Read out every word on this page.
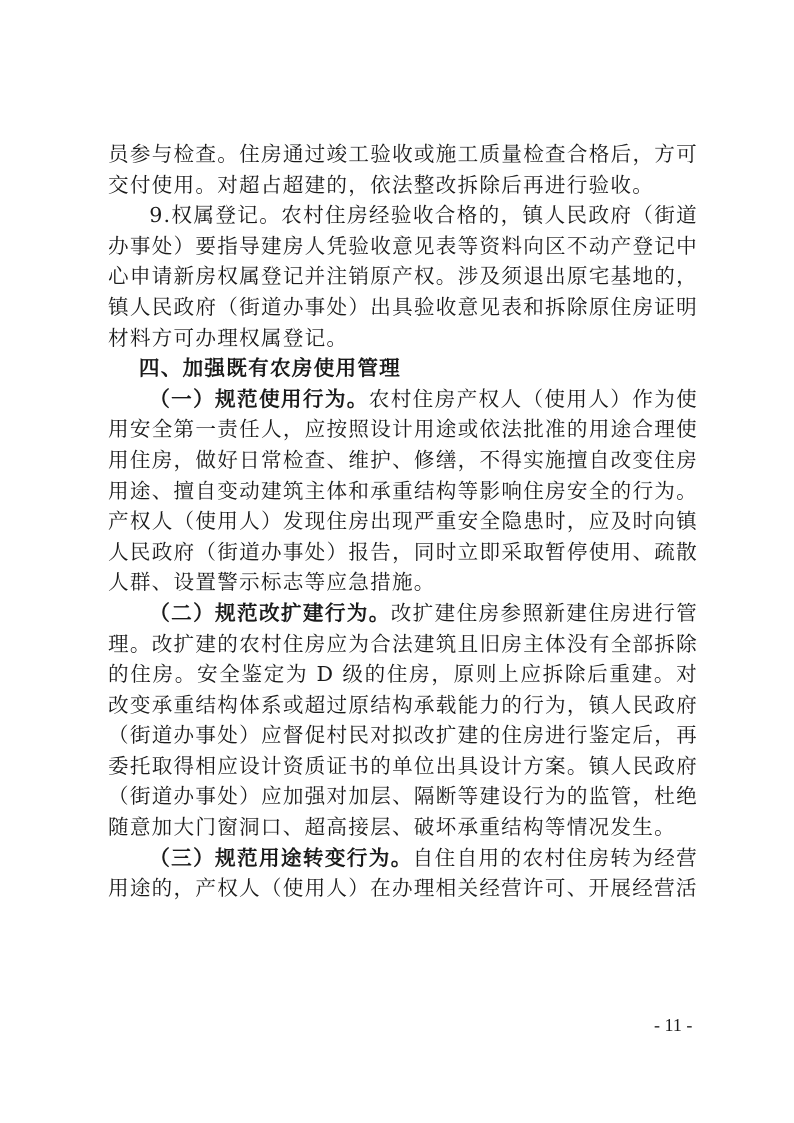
员参与检查。住房通过竣工验收或施工质量检查合格后，方可交付使用。对超占超建的，依法整改拆除后再进行验收。

9.权属登记。农村住房经验收合格的，镇人民政府（街道办事处）要指导建房人凭验收意见表等资料向区不动产登记中心申请新房权属登记并注销原产权。涉及须退出原宅基地的，镇人民政府（街道办事处）出具验收意见表和拆除原住房证明材料方可办理权属登记。

四、加强既有农房使用管理

（一）规范使用行为。农村住房产权人（使用人）作为使用安全第一责任人，应按照设计用途或依法批准的用途合理使用住房，做好日常检查、维护、修缮，不得实施擅自改变住房用途、擅自变动建筑主体和承重结构等影响住房安全的行为。产权人（使用人）发现住房出现严重安全隐患时，应及时向镇人民政府（街道办事处）报告，同时立即采取暂停使用、疏散人群、设置警示标志等应急措施。

（二）规范改扩建行为。改扩建住房参照新建住房进行管理。改扩建的农村住房应为合法建筑且旧房主体没有全部拆除的住房。安全鉴定为 D 级的住房，原则上应拆除后重建。对改变承重结构体系或超过原结构承载能力的行为，镇人民政府（街道办事处）应督促村民对拟改扩建的住房进行鉴定后，再委托取得相应设计资质证书的单位出具设计方案。镇人民政府（街道办事处）应加强对加层、隔断等建设行为的监管，杜绝随意加大门窗洞口、超高接层、破坏承重结构等情况发生。

（三）规范用途转变行为。自住自用的农村住房转为经营用途的，产权人（使用人）在办理相关经营许可、开展经营活

- 11 -
